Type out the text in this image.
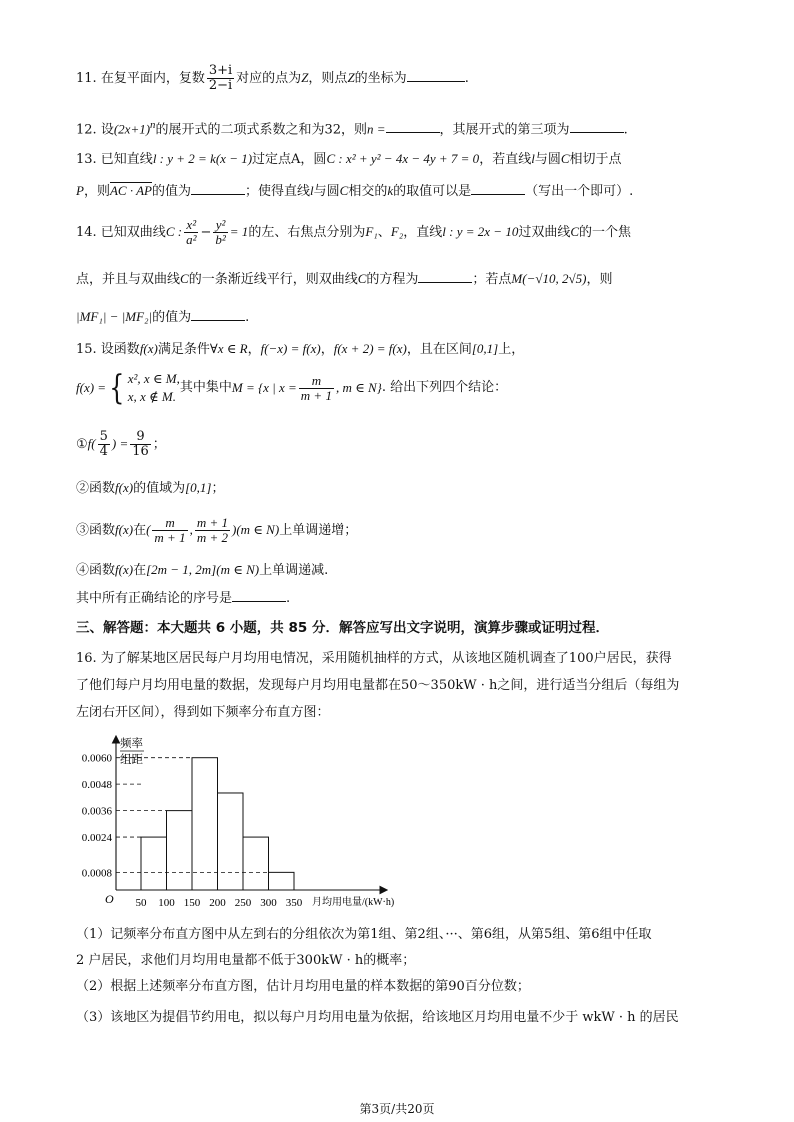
11. 在复平面内，复数 $\frac{3+i}{2-i}$ 对应的点为Z，则点Z的坐标为	.
12. 设$(2x+1)^n$的展开式的二项式系数之和为32，则n =	，其展开式的第三项为	.
13. 已知直线l : y + 2 = k(x − 1)过定点A，圆C : x² + y² − 4x − 4y + 7 = 0，若直线l与圆C相切于点
P，则AC · AP的值为	；使得直线l与圆C相交的k的取值可以是	（写出一个即可）.
14. 已知双曲线C : $\frac{\text{x²}}{\text{a²}} - \frac{\text{y²}}{\text{b²}} = 1$的左、右焦点分别为F₁、F₂，直线l : y = 2x − 10过双曲线C的一个焦
点，并且与双曲线C的一条渐近线平行，则双曲线C的方程为	；若点M(−√10, 2√5)，则
|MF₁| − |MF₂|的值为	.
15. 设函数f(x)满足条件∀x ∈ R，f(−x) = f(x)，f(x + 2) = f(x)，且在区间[0,1]上，
f(x) ={ x², x ∈ M,
x, x ∉ M.
其中集中M = {x | $x = \frac{m}{m + 1}$ , m ∈ N}. 给出下列四个结论：
①f( $\frac{5}{4}$ ) = $\frac{9}{16}$ ；
②函数f(x)的值域为[0,1]；
③函数f(x)在( $\frac{m}{m + 1}$ , $\frac{m + 1}{m + 2} )(m$ ∈ N)上单调递增；
④函数f(x)在[2m − 1, 2m](m ∈ N)上单调递减.
其中所有正确结论的序号是	.
三、解答题：本大题共 6 小题，共 85 分．解答应写出文字说明，演算步骤或证明过程．
16. 为了解某地区居民每户月均用电情况，采用随机抽样的方式，从该地区随机调查了100户居民，获得
了他们每户月均用电量的数据，发现每户月均用电量都在50～350kW · h之间，进行适当分组后（每组为
左闭右开区间），得到如下频率分布直方图：
频率
组距
O
0.0060
0.0048
0.0036
0.0024
0.0008
50 100 150 200 250 300 350 月均用电量/(kW·h)
（1）记频率分布直方图中从左到右的分组依次为第1组、第2组、···、第6组，从第5组、第6组中任取
2 户居民，求他们月均用电量都不低于300kW · h的概率；
（2）根据上述频率分布直方图，估计月均用电量的样本数据的第90百分位数；
（3）该地区为提倡节约用电，拟以每户月均用电量为依据，给该地区月均用电量不少于 wkW · h 的居民
第3页/共20页
